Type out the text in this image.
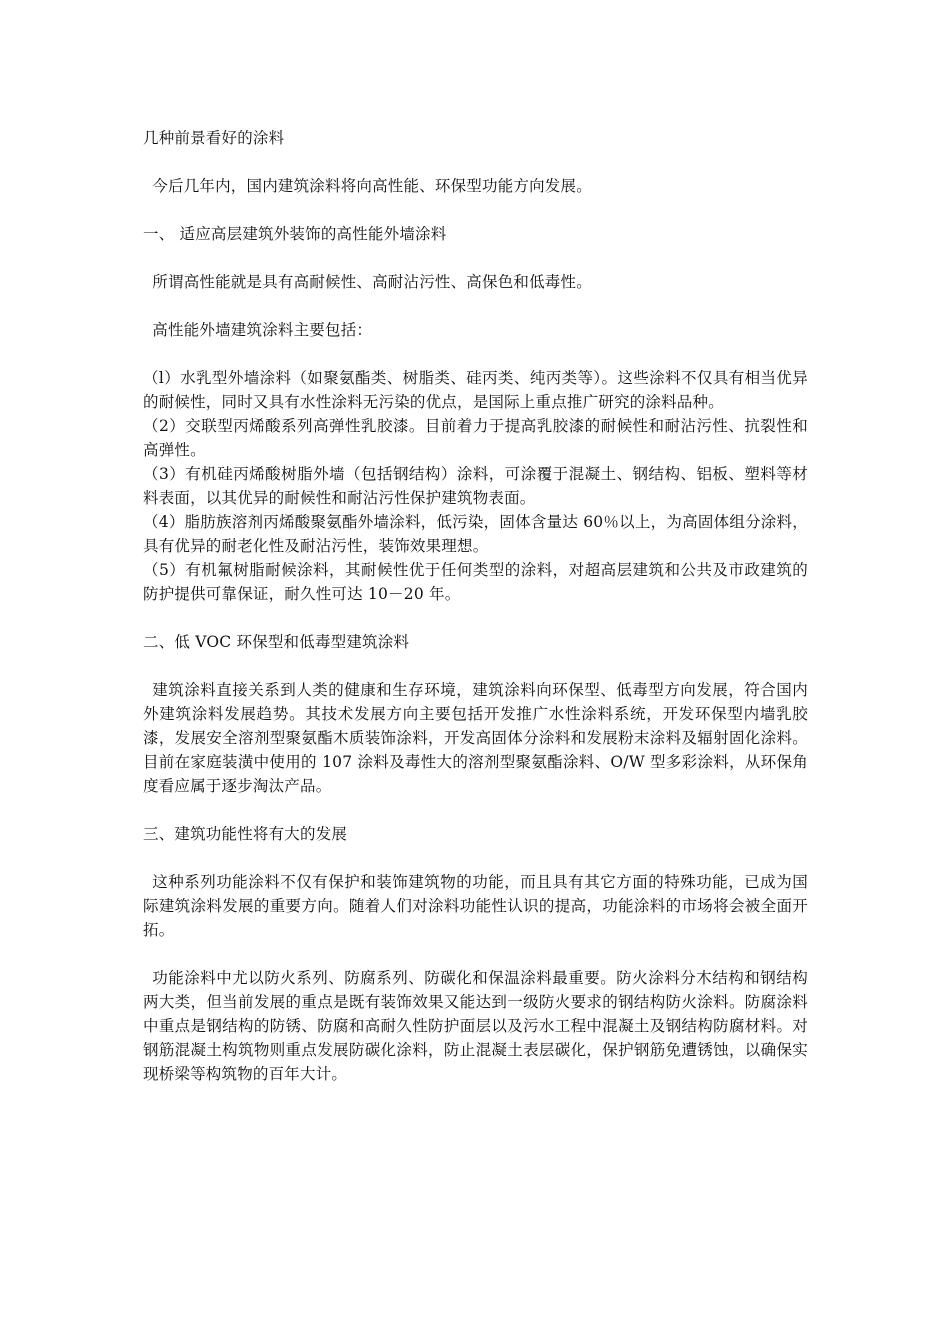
几种前景看好的涂料

今后几年内，国内建筑涂料将向高性能、环保型功能方向发展。

一、 适应高层建筑外装饰的高性能外墙涂料

所谓高性能就是具有高耐候性、高耐沾污性、高保色和低毒性。

高性能外墙建筑涂料主要包括：

（l）水乳型外墙涂料（如聚氨酯类、树脂类、硅丙类、纯丙类等）。这些涂料不仅具有相当优异的耐候性，同时又具有水性涂料无污染的优点，是国际上重点推广研究的涂料品种。

（2）交联型丙烯酸系列高弹性乳胶漆。目前着力于提高乳胶漆的耐候性和耐沾污性、抗裂性和高弹性。

（3）有机硅丙烯酸树脂外墙（包括钢结构）涂料，可涂覆于混凝土、钢结构、铝板、塑料等材料表面，以其优异的耐候性和耐沾污性保护建筑物表面。

（4）脂肪族溶剂丙烯酸聚氨酯外墙涂料，低污染，固体含量达 60％以上，为高固体组分涂料，具有优异的耐老化性及耐沾污性，装饰效果理想。

（5）有机氟树脂耐候涂料，其耐候性优于任何类型的涂料，对超高层建筑和公共及市政建筑的防护提供可靠保证，耐久性可达 10－20 年。

二、低 VOC 环保型和低毒型建筑涂料

建筑涂料直接关系到人类的健康和生存环境，建筑涂料向环保型、低毒型方向发展，符合国内外建筑涂料发展趋势。其技术发展方向主要包括开发推广水性涂料系统，开发环保型内墙乳胶漆，发展安全溶剂型聚氨酯木质装饰涂料，开发高固体分涂料和发展粉末涂料及辐射固化涂料。目前在家庭装潢中使用的 107 涂料及毒性大的溶剂型聚氨酯涂料、O/W 型多彩涂料，从环保角度看应属于逐步淘汰产品。

三、建筑功能性将有大的发展

这种系列功能涂料不仅有保护和装饰建筑物的功能，而且具有其它方面的特殊功能，已成为国际建筑涂料发展的重要方向。随着人们对涂料功能性认识的提高，功能涂料的市场将会被全面开拓。

功能涂料中尤以防火系列、防腐系列、防碳化和保温涂料最重要。防火涂料分木结构和钢结构两大类，但当前发展的重点是既有装饰效果又能达到一级防火要求的钢结构防火涂料。防腐涂料中重点是钢结构的防锈、防腐和高耐久性防护面层以及污水工程中混凝土及钢结构防腐材料。对钢筋混凝土构筑物则重点发展防碳化涂料，防止混凝土表层碳化，保护钢筋免遭锈蚀，以确保实现桥梁等构筑物的百年大计。
